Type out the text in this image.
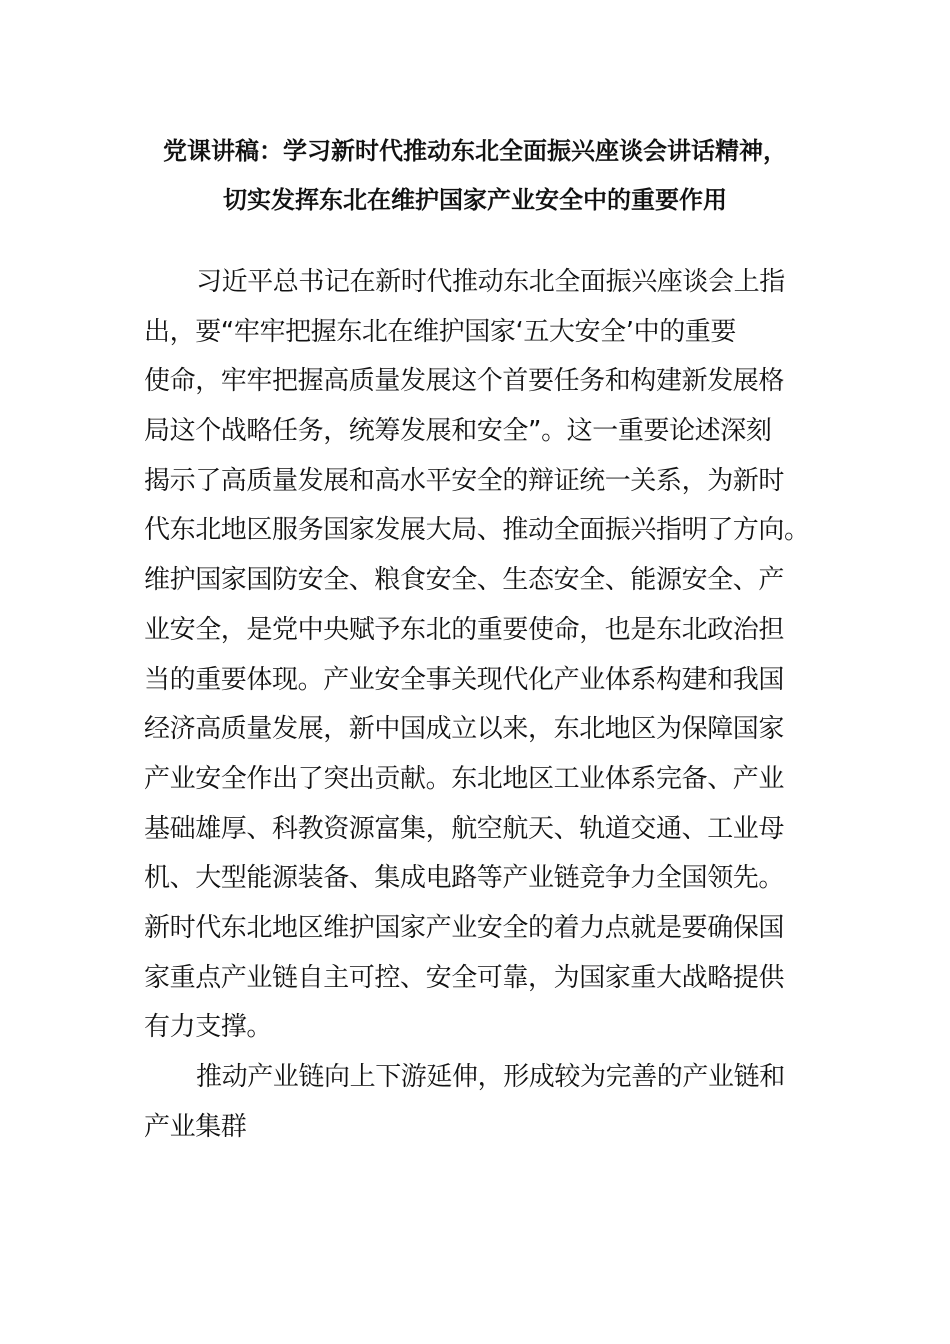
党课讲稿：学习新时代推动东北全面振兴座谈会讲话精神，
切实发挥东北在维护国家产业安全中的重要作用
习近平总书记在新时代推动东北全面振兴座谈会上指
出，要“牢牢把握东北在维护国家‘五大安全’中的重要
使命，牢牢把握高质量发展这个首要任务和构建新发展格
局这个战略任务，统筹发展和安全”。这一重要论述深刻
揭示了高质量发展和高水平安全的辩证统一关系，为新时
代东北地区服务国家发展大局、推动全面振兴指明了方向。
维护国家国防安全、粮食安全、生态安全、能源安全、产
业安全，是党中央赋予东北的重要使命，也是东北政治担
当的重要体现。产业安全事关现代化产业体系构建和我国
经济高质量发展，新中国成立以来，东北地区为保障国家
产业安全作出了突出贡献。东北地区工业体系完备、产业
基础雄厚、科教资源富集，航空航天、轨道交通、工业母
机、大型能源装备、集成电路等产业链竞争力全国领先。
新时代东北地区维护国家产业安全的着力点就是要确保国
家重点产业链自主可控、安全可靠，为国家重大战略提供
有力支撑。
推动产业链向上下游延伸，形成较为完善的产业链和
产业集群
